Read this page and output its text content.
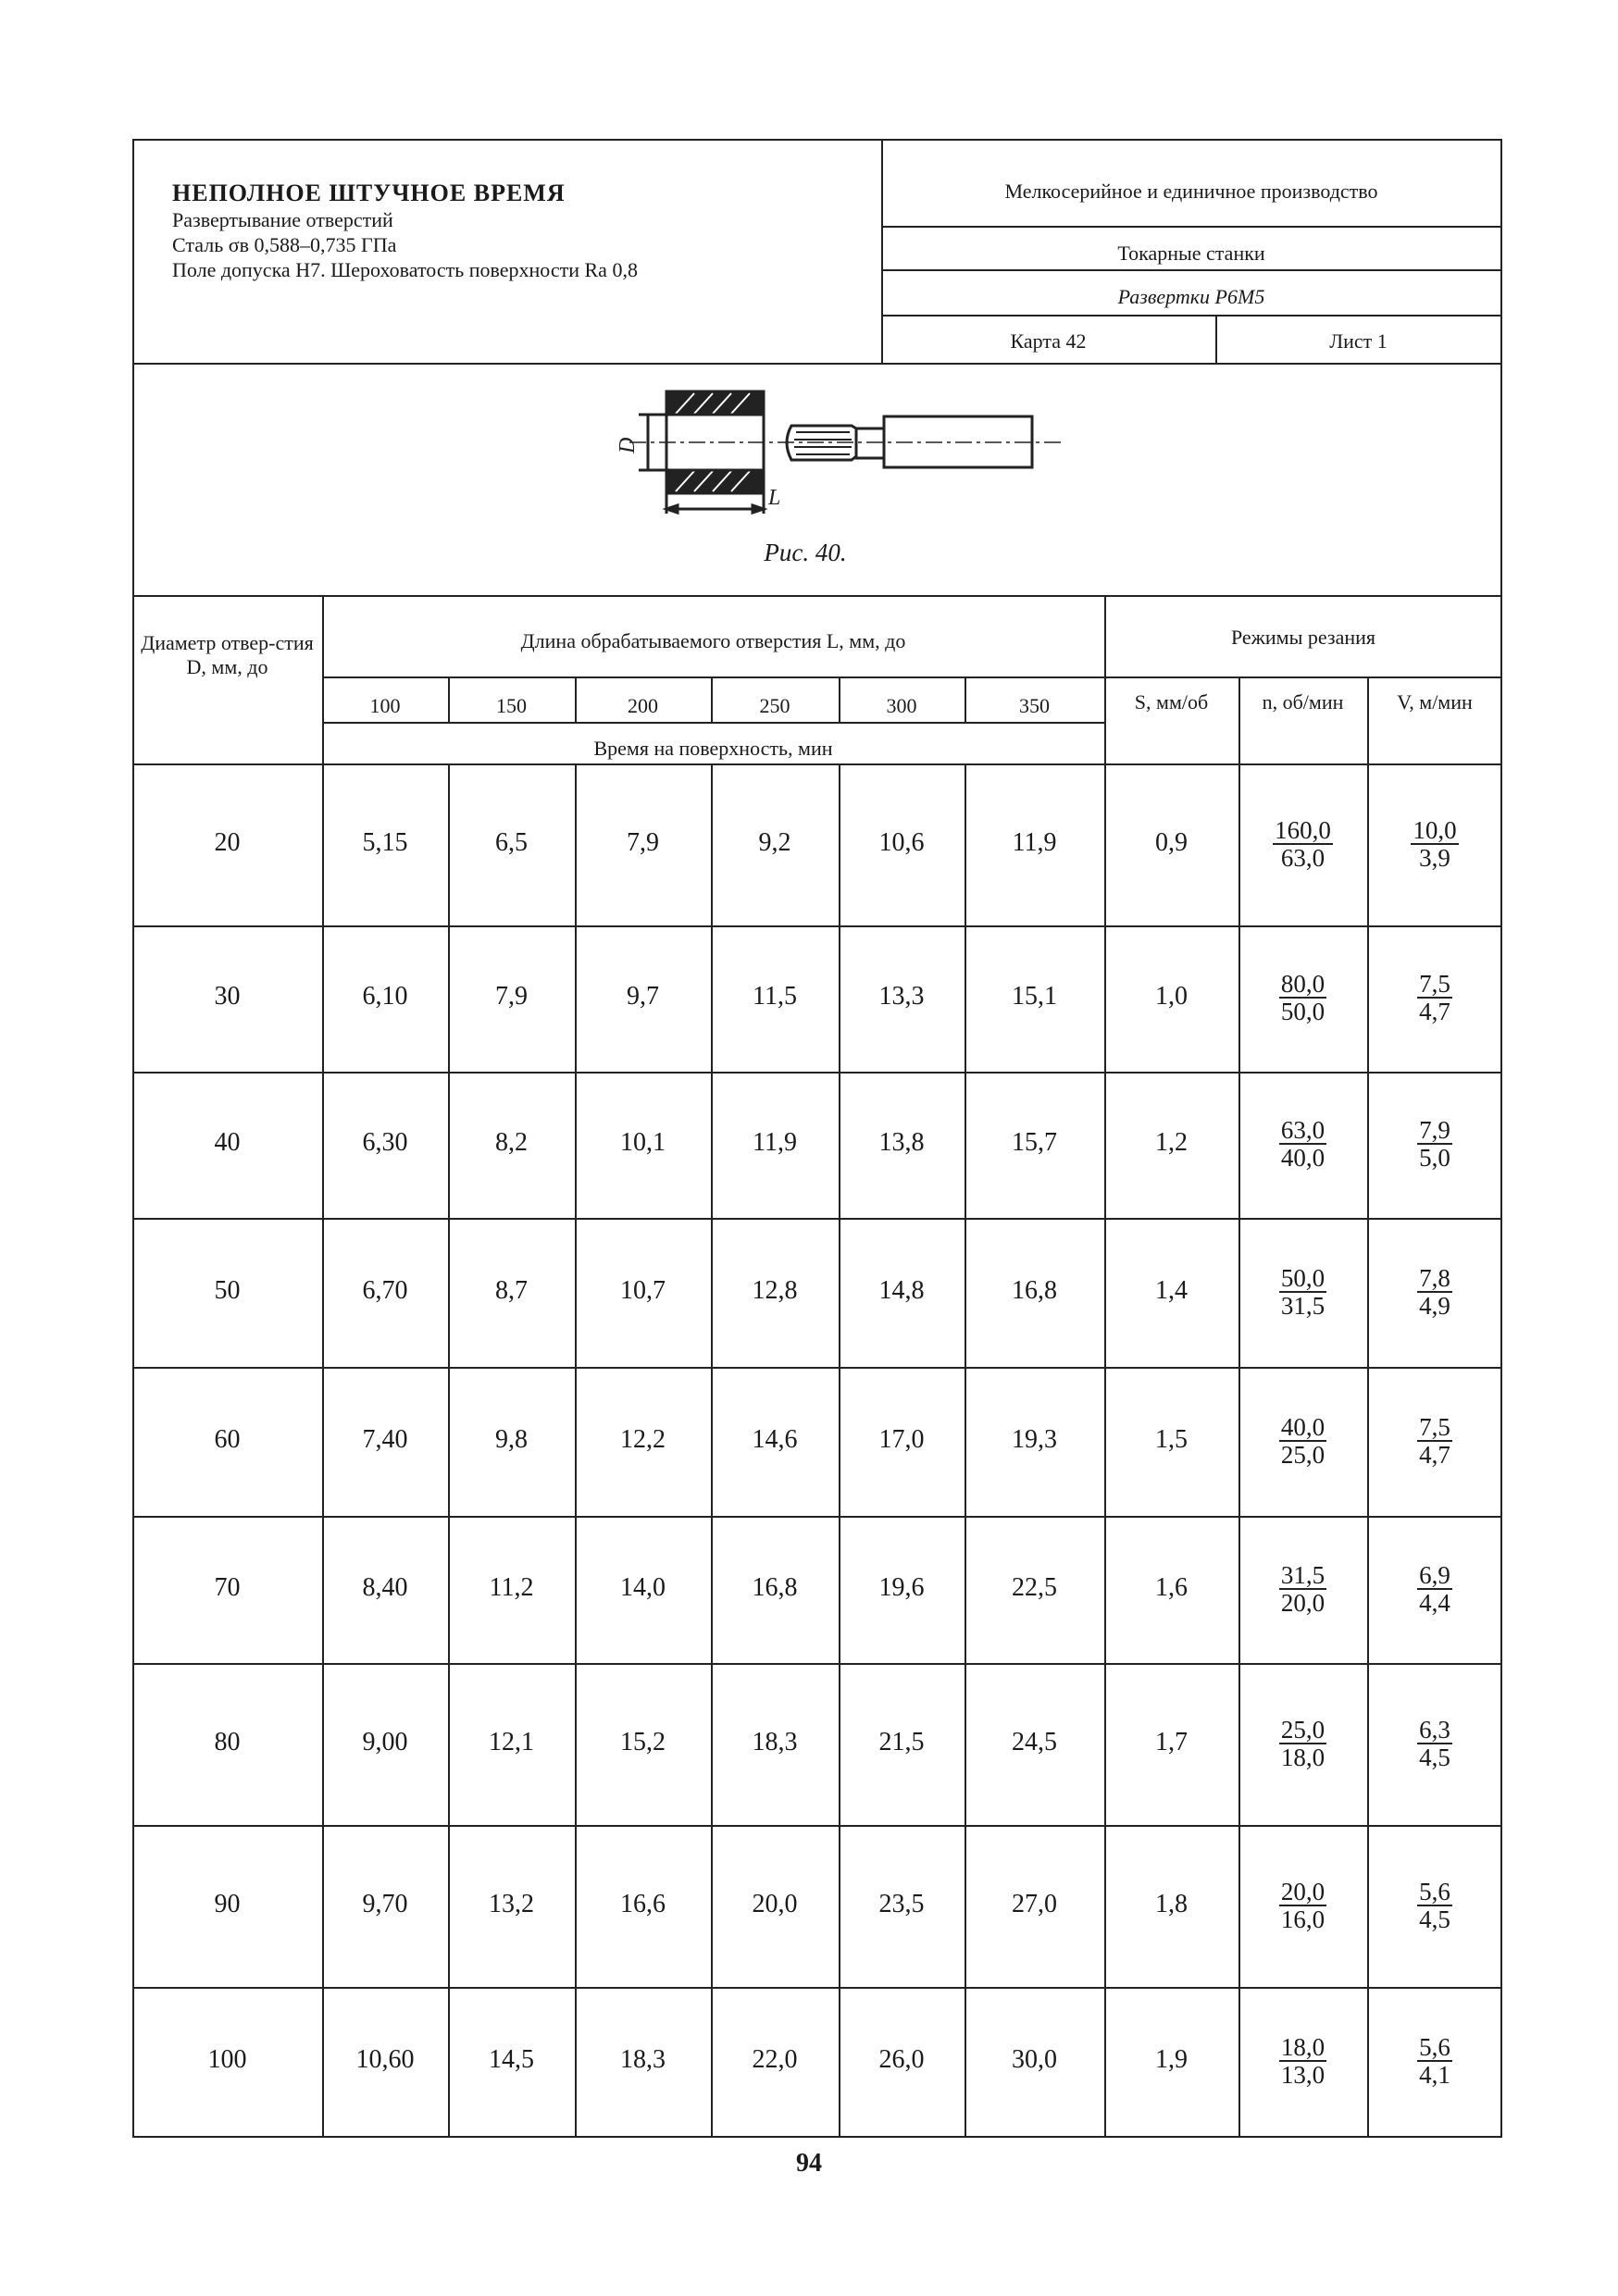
НЕПОЛНОЕ ШТУЧНОЕ ВРЕМЯ
Развертывание отверстий
Сталь σв 0,588–0,735 ГПа
Поле допуска Н7. Шероховатость поверхности Ra 0,8
Мелкосерийное и единичное производство
Токарные станки
Развертки Р6М5
Карта 42	Лист 1
D
L
Рис. 40.
Диаметр отвер-стия D, мм, до
Длина обрабатываемого отверстия L, мм, до	Режимы резания
100	150	200	250	300	350	S, мм/об	n, об/мин	V, м/мин
Время на поверхность, мин
20	5,15	6,5	7,9	9,2	10,6	11,9	0,9	$\frac{160,0}{63,0}$	$\frac{10,0}{3,9}$
30	6,10	7,9	9,7	11,5	13,3	15,1	1,0	$\frac{80,0}{50,0}$	$\frac{7,5}{4,7}$
40	6,30	8,2	10,1	11,9	13,8	15,7	1,2	$\frac{63,0}{40,0}$	$\frac{7,9}{5,0}$
50	6,70	8,7	10,7	12,8	14,8	16,8	1,4	$\frac{50,0}{31,5}$	$\frac{7,8}{4,9}$
60	7,40	9,8	12,2	14,6	17,0	19,3	1,5	$\frac{40,0}{25,0}$	$\frac{7,5}{4,7}$
70	8,40	11,2	14,0	16,8	19,6	22,5	1,6	$\frac{31,5}{20,0}$	$\frac{6,9}{4,4}$
80	9,00	12,1	15,2	18,3	21,5	24,5	1,7	$\frac{25,0}{18,0}$	$\frac{6,3}{4,5}$
90	9,70	13,2	16,6	20,0	23,5	27,0	1,8	$\frac{20,0}{16,0}$	$\frac{5,6}{4,5}$
100	10,60	14,5	18,3	22,0	26,0	30,0	1,9	$\frac{18,0}{13,0}$	$\frac{5,6}{4,1}$
94
